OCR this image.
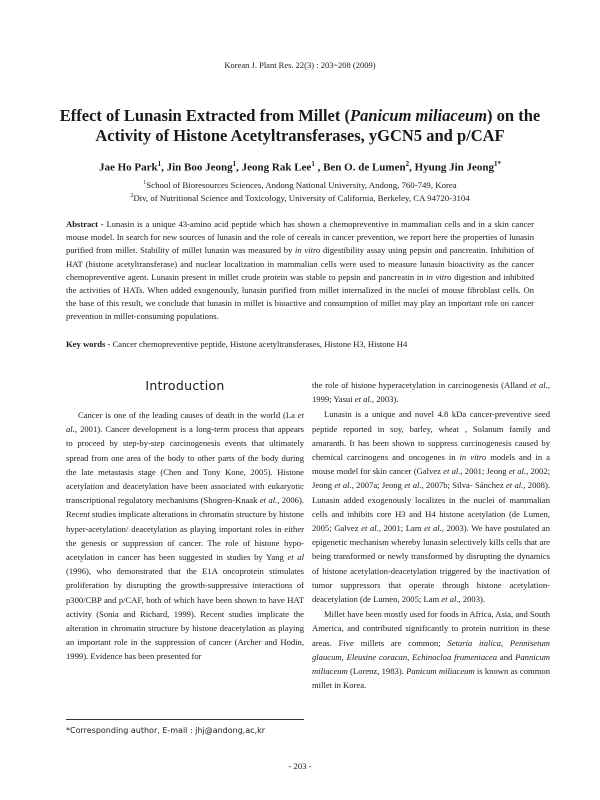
Korean J. Plant Res. 22(3) : 203~208 (2009)
Effect of Lunasin Extracted from Millet (Panicum miliaceum) on the Activity of Histone Acetyltransferases, yGCN5 and p/CAF
Jae Ho Park$^1$, Jin Boo Jeong$^1$, Jeong Rak Lee$^1$ , Ben O. de Lumen$^2$, Hyung Jin Jeong$^{1*}$
$^1$School of Bioresources Sciences, Andong National University, Andong, 760-749, Korea
$^2$Div, of Nutritional Science and Toxicology, University of California, Berkeley, CA 94720-3104

Abstract - Lunasin is a unique 43-amino acid peptide which has shown a chemopreventive in mammalian cells and in a skin cancer mouse model. In search for new sources of lunasin and the role of cereals in cancer prevention, we report here the properties of lunasin purified from millet. Stability of millet lunasin was measured by in vitro digestibility assay using pepsin and pancreatin. Inhibition of HAT (histone acetyltransferase) and nuclear localization in mammalian cells were used to measure lunasin bioactivity as the cancer chemopreventive agent. Lunasin present in millet crude protein was stable to pepsin and pancreatin in in vitro digestion and inhibited the activities of HATs. When added exogenously, lunasin purified from millet internalized in the nuclei of mouse fibroblast cells. On the base of this result, we conclude that lunasin in millet is bioactive and consumption of millet may play an important role on cancer prevention in millet-consuming populations.

Key words - Cancer chemopreventive peptide, Histone acetyltransferases, Histone H3, Histone H4
Introduction

Cancer is one of the leading causes of death in the world (La et al., 2001). Cancer development is a long-term process that appears to proceed by step-by-step carcinogenesis events that ultimately spread from one area of the body to other parts of the body during the late metastasis stage (Chen and Tony Kone, 2005). Histone acetylation and deacetylation have been associated with eukaryotic transcriptional regulatory mechanisms (Shogren-Knaak et al., 2006). Recent studies implicate alterations in chromatin structure by histone hyper-acetylation/ deacetylation as playing important roles in either the genesis or suppression of cancer. The role of histone hypo-acetylation in cancer has been suggested in studies by Yang et al (1996), who demonstrated that the E1A oncoprotein stimulates proliferation by disrupting the growth-suppressive interactions of p300/CBP and p/CAF, both of which have been shown to have HAT activity (Sonia and Richard, 1999). Recent studies implicate the alteration in chromatin structure by histone deacetylation as playing an important role in the suppression of cancer (Archer and Hodin, 1999). Evidence has been presented for

the role of histone hyperacetylation in carcinogenesis (Alland et al., 1999; Yasui et al., 2003).

Lunasin is a unique and novel 4.8 kDa cancer-preventive seed peptide reported in soy, barley, wheat , Solanum family and amaranth. It has been shown to suppress carcinogenesis caused by chemical carcinogens and oncogenes in in vitro models and in a mouse model for skin cancer (Galvez et al., 2001; Jeong et al., 2002; Jeong et al., 2007a; Jeong et al., 2007b; Silva- Sánchez et al., 2008). Lunasin added exogenously localizes in the nuclei of mammalian cells and inhibits core H3 and H4 histone acetylation (de Lumen, 2005; Galvez et al., 2001; Lam et al., 2003). We have postulated an epigenetic mechanism whereby lunasin selectively kills cells that are being transformed or newly transformed by disrupting the dynamics of histone acetylation-deacetylation triggered by the inactivation of tumor suppressors that operate through histone acetylation-deacetylation (de Lumen, 2005; Lam et al., 2003).

Millet have been mostly used for foods in Africa, Asia, and South America, and contributed significantly to protein nutrition in these areas. Five millets are common; Setaria italica, Pennisetum glaucum, Eleusine coracan, Echinocloa frumentacea and Pannicum miliaceum (Lorenz, 1983). Panicum miliaceum is known as common millet in Korea.

*Corresponding author, E-mail : jhj@andong,ac,kr
- 203 -
